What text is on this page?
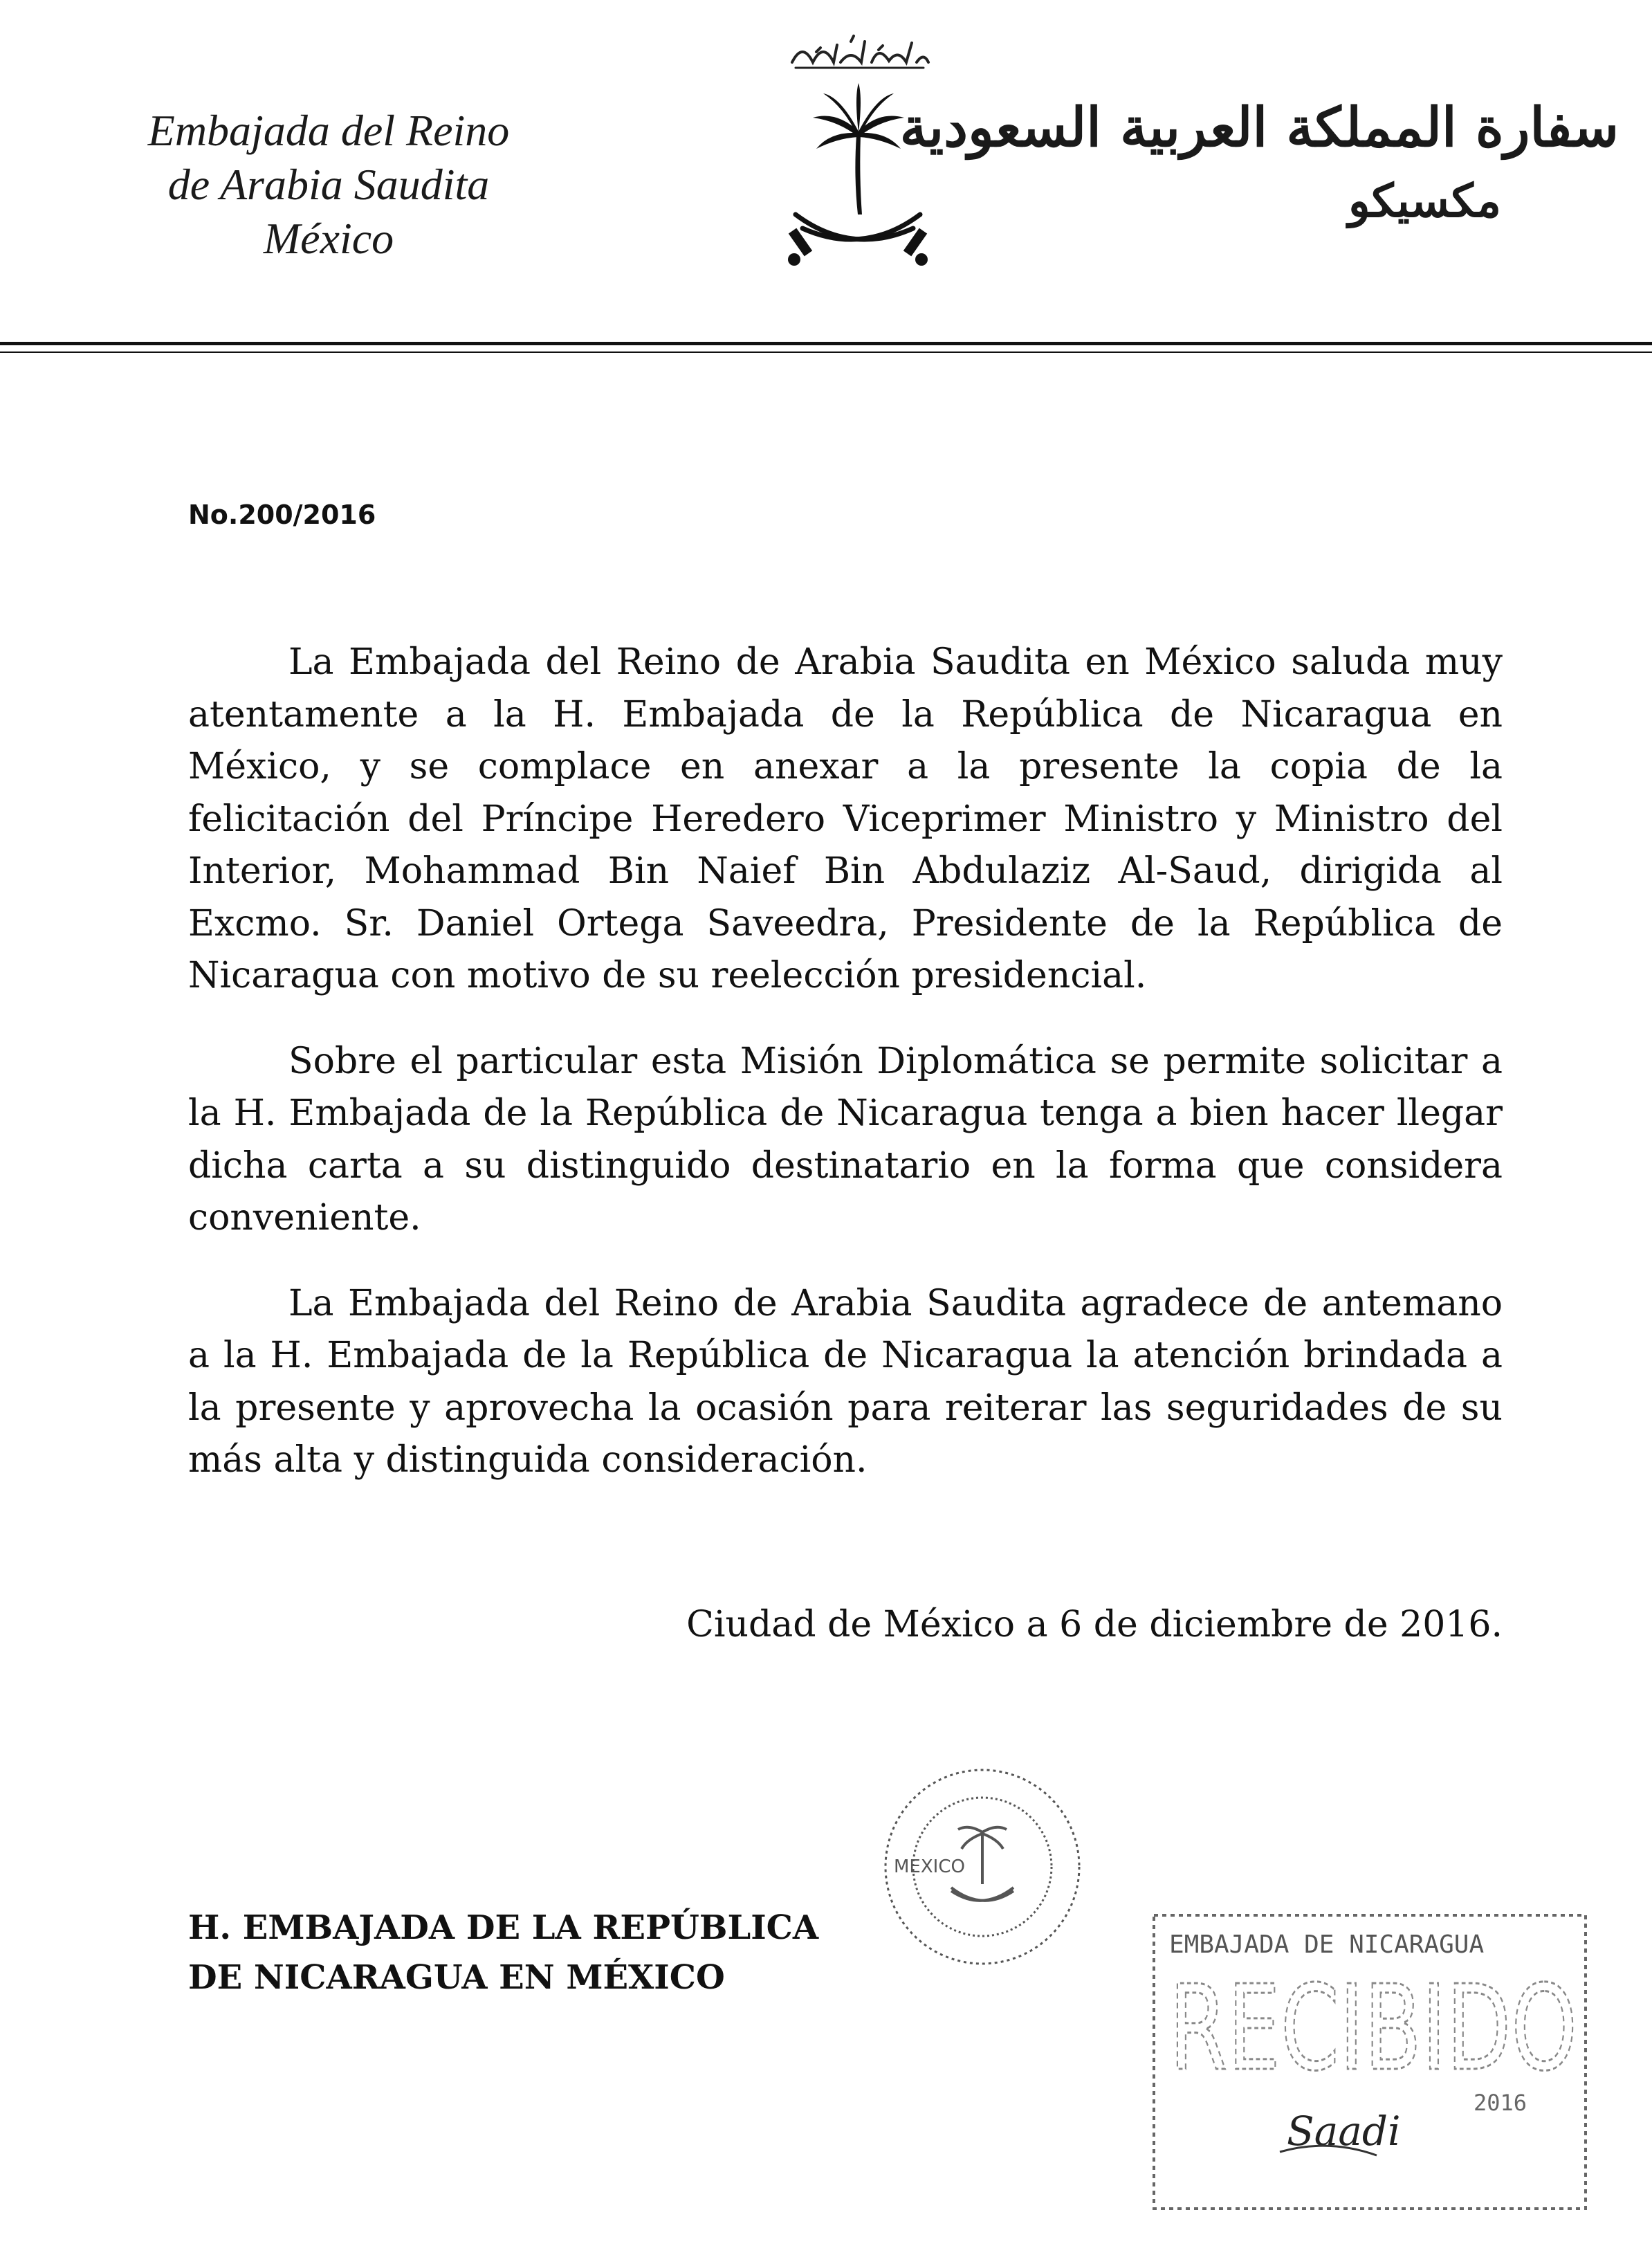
Embajada del Reino
de Arabia Saudita
México
سفارة المملكة العربية السعودية
مكسيكو
No.200/2016

La Embajada del Reino de Arabia Saudita en México saluda muy atentamente a la H. Embajada de la República de Nicaragua en México, y se complace en anexar a la presente la copia de la felicitación del Príncipe Heredero Viceprimer Ministro y Ministro del Interior, Mohammad Bin Naief Bin Abdulaziz Al-Saud, dirigida al Excmo. Sr. Daniel Ortega Saveedra, Presidente de la República de Nicaragua con motivo de su reelección presidencial.

Sobre el particular esta Misión Diplomática se permite solicitar a la H. Embajada de la República de Nicaragua tenga a bien hacer llegar dicha carta a su distinguido destinatario en la forma que considera conveniente.

La Embajada del Reino de Arabia Saudita agradece de antemano a la H. Embajada de la República de Nicaragua la atención brindada a la presente y aprovecha la ocasión para reiterar las seguridades de su más alta y distinguida consideración.

Ciudad de México a 6 de diciembre de 2016.
H. EMBAJADA DE LA REPÚBLICA
DE NICARAGUA EN MÉXICO
MEXICO
EMBAJADA DE NICARAGUA
RECIBIDO
2016
Saadi
